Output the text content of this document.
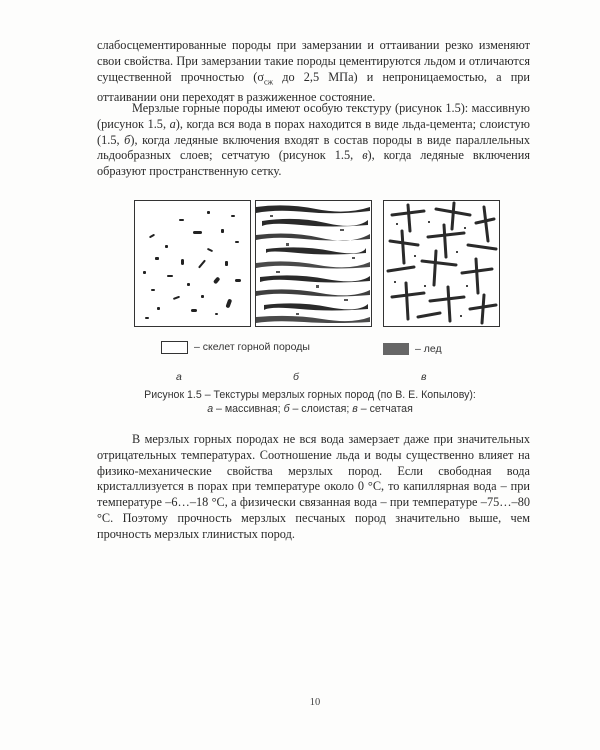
слабосцементированные породы при замерзании и оттаивании резко изменяют свои свойства. При замерзании такие породы цементируются льдом и отличаются существенной прочностью ($\sigma_{сж}$ до 2,5 МПа) и непроницаемостью, а при оттаивании они переходят в разжиженное состояние.

Мерзлые горные породы имеют особую текстуру (рисунок 1.5): массивную (рисунок 1.5, а), когда вся вода в порах находится в виде льда-цемента; слоистую (1.5, б), когда ледяные включения входят в состав породы в виде параллельных льдообразных слоев; сетчатую (рисунок 1.5, в), когда ледяные включения образуют пространственную сетку.

– скелет горной породы	– лед
а	б	в
Рисунок 1.5 – Текстуры мерзлых горных пород (по В. Е. Копылову):
а – массивная; б – слоистая; в – сетчатая

В мерзлых горных породах не вся вода замерзает даже при значительных отрицательных температурах. Соотношение льда и воды существенно влияет на физико-механические свойства мерзлых пород. Если свободная вода кристаллизуется в порах при температуре около 0 °С, то капиллярная вода – при температуре –6…–18 °С, а физически связанная вода – при температуре –75…–80 °С. Поэтому прочность мерзлых песчаных пород значительно выше, чем прочность мерзлых глинистых пород.

10
